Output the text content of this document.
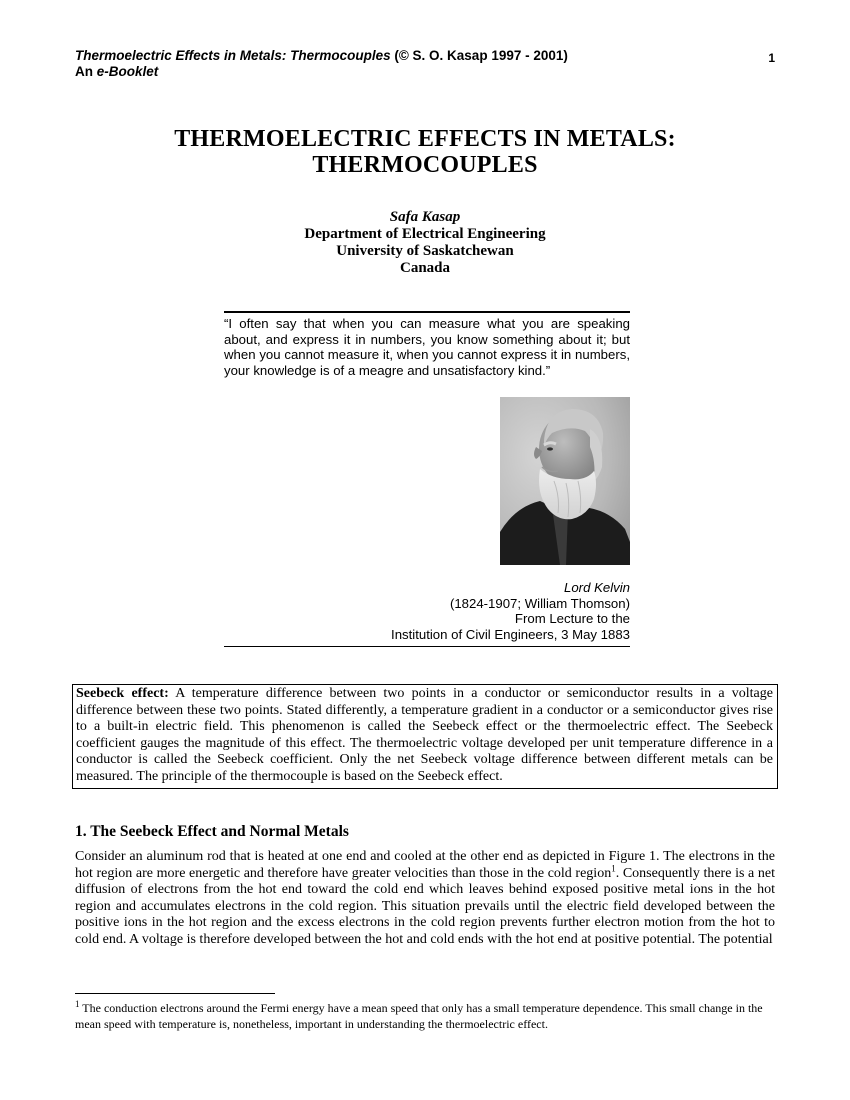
Thermoelectric Effects in Metals: Thermocouples (© S. O. Kasap 1997 - 2001)
An e-Booklet
1
THERMOELECTRIC EFFECTS IN METALS:
THERMOCOUPLES
Safa Kasap
Department of Electrical Engineering
University of Saskatchewan
Canada

“I often say that when you can measure what you are speaking about, and express it in numbers, you know something about it; but when you cannot measure it, when you cannot express it in numbers, your knowledge is of a meagre and unsatisfactory kind.”

Lord Kelvin
(1824-1907; William Thomson)
From Lecture to the
Institution of Civil Engineers, 3 May 1883
Seebeck effect: A temperature difference between two points in a conductor or semiconductor results in a voltage difference between these two points. Stated differently, a temperature gradient in a conductor or a semiconductor gives rise to a built-in electric field. This phenomenon is called the Seebeck effect or the thermoelectric effect. The Seebeck coefficient gauges the magnitude of this effect. The thermoelectric voltage developed per unit temperature difference in a conductor is called the Seebeck coefficient. Only the net Seebeck voltage difference between different metals can be measured. The principle of the thermocouple is based on the Seebeck effect.
1. The Seebeck Effect and Normal Metals

Consider an aluminum rod that is heated at one end and cooled at the other end as depicted in Figure 1. The electrons in the hot region are more energetic and therefore have greater velocities than those in the cold region$^1$. Consequently there is a net diffusion of electrons from the hot end toward the cold end which leaves behind exposed positive metal ions in the hot region and accumulates electrons in the cold region. This situation prevails until the electric field developed between the positive ions in the hot region and the excess electrons in the cold region prevents further electron motion from the hot to cold end. A voltage is therefore developed between the hot and cold ends with the hot end at positive potential. The potential

$^1$ The conduction electrons around the Fermi energy have a mean speed that only has a small temperature dependence. This small change in the mean speed with temperature is, nonetheless, important in understanding the thermoelectric effect.
